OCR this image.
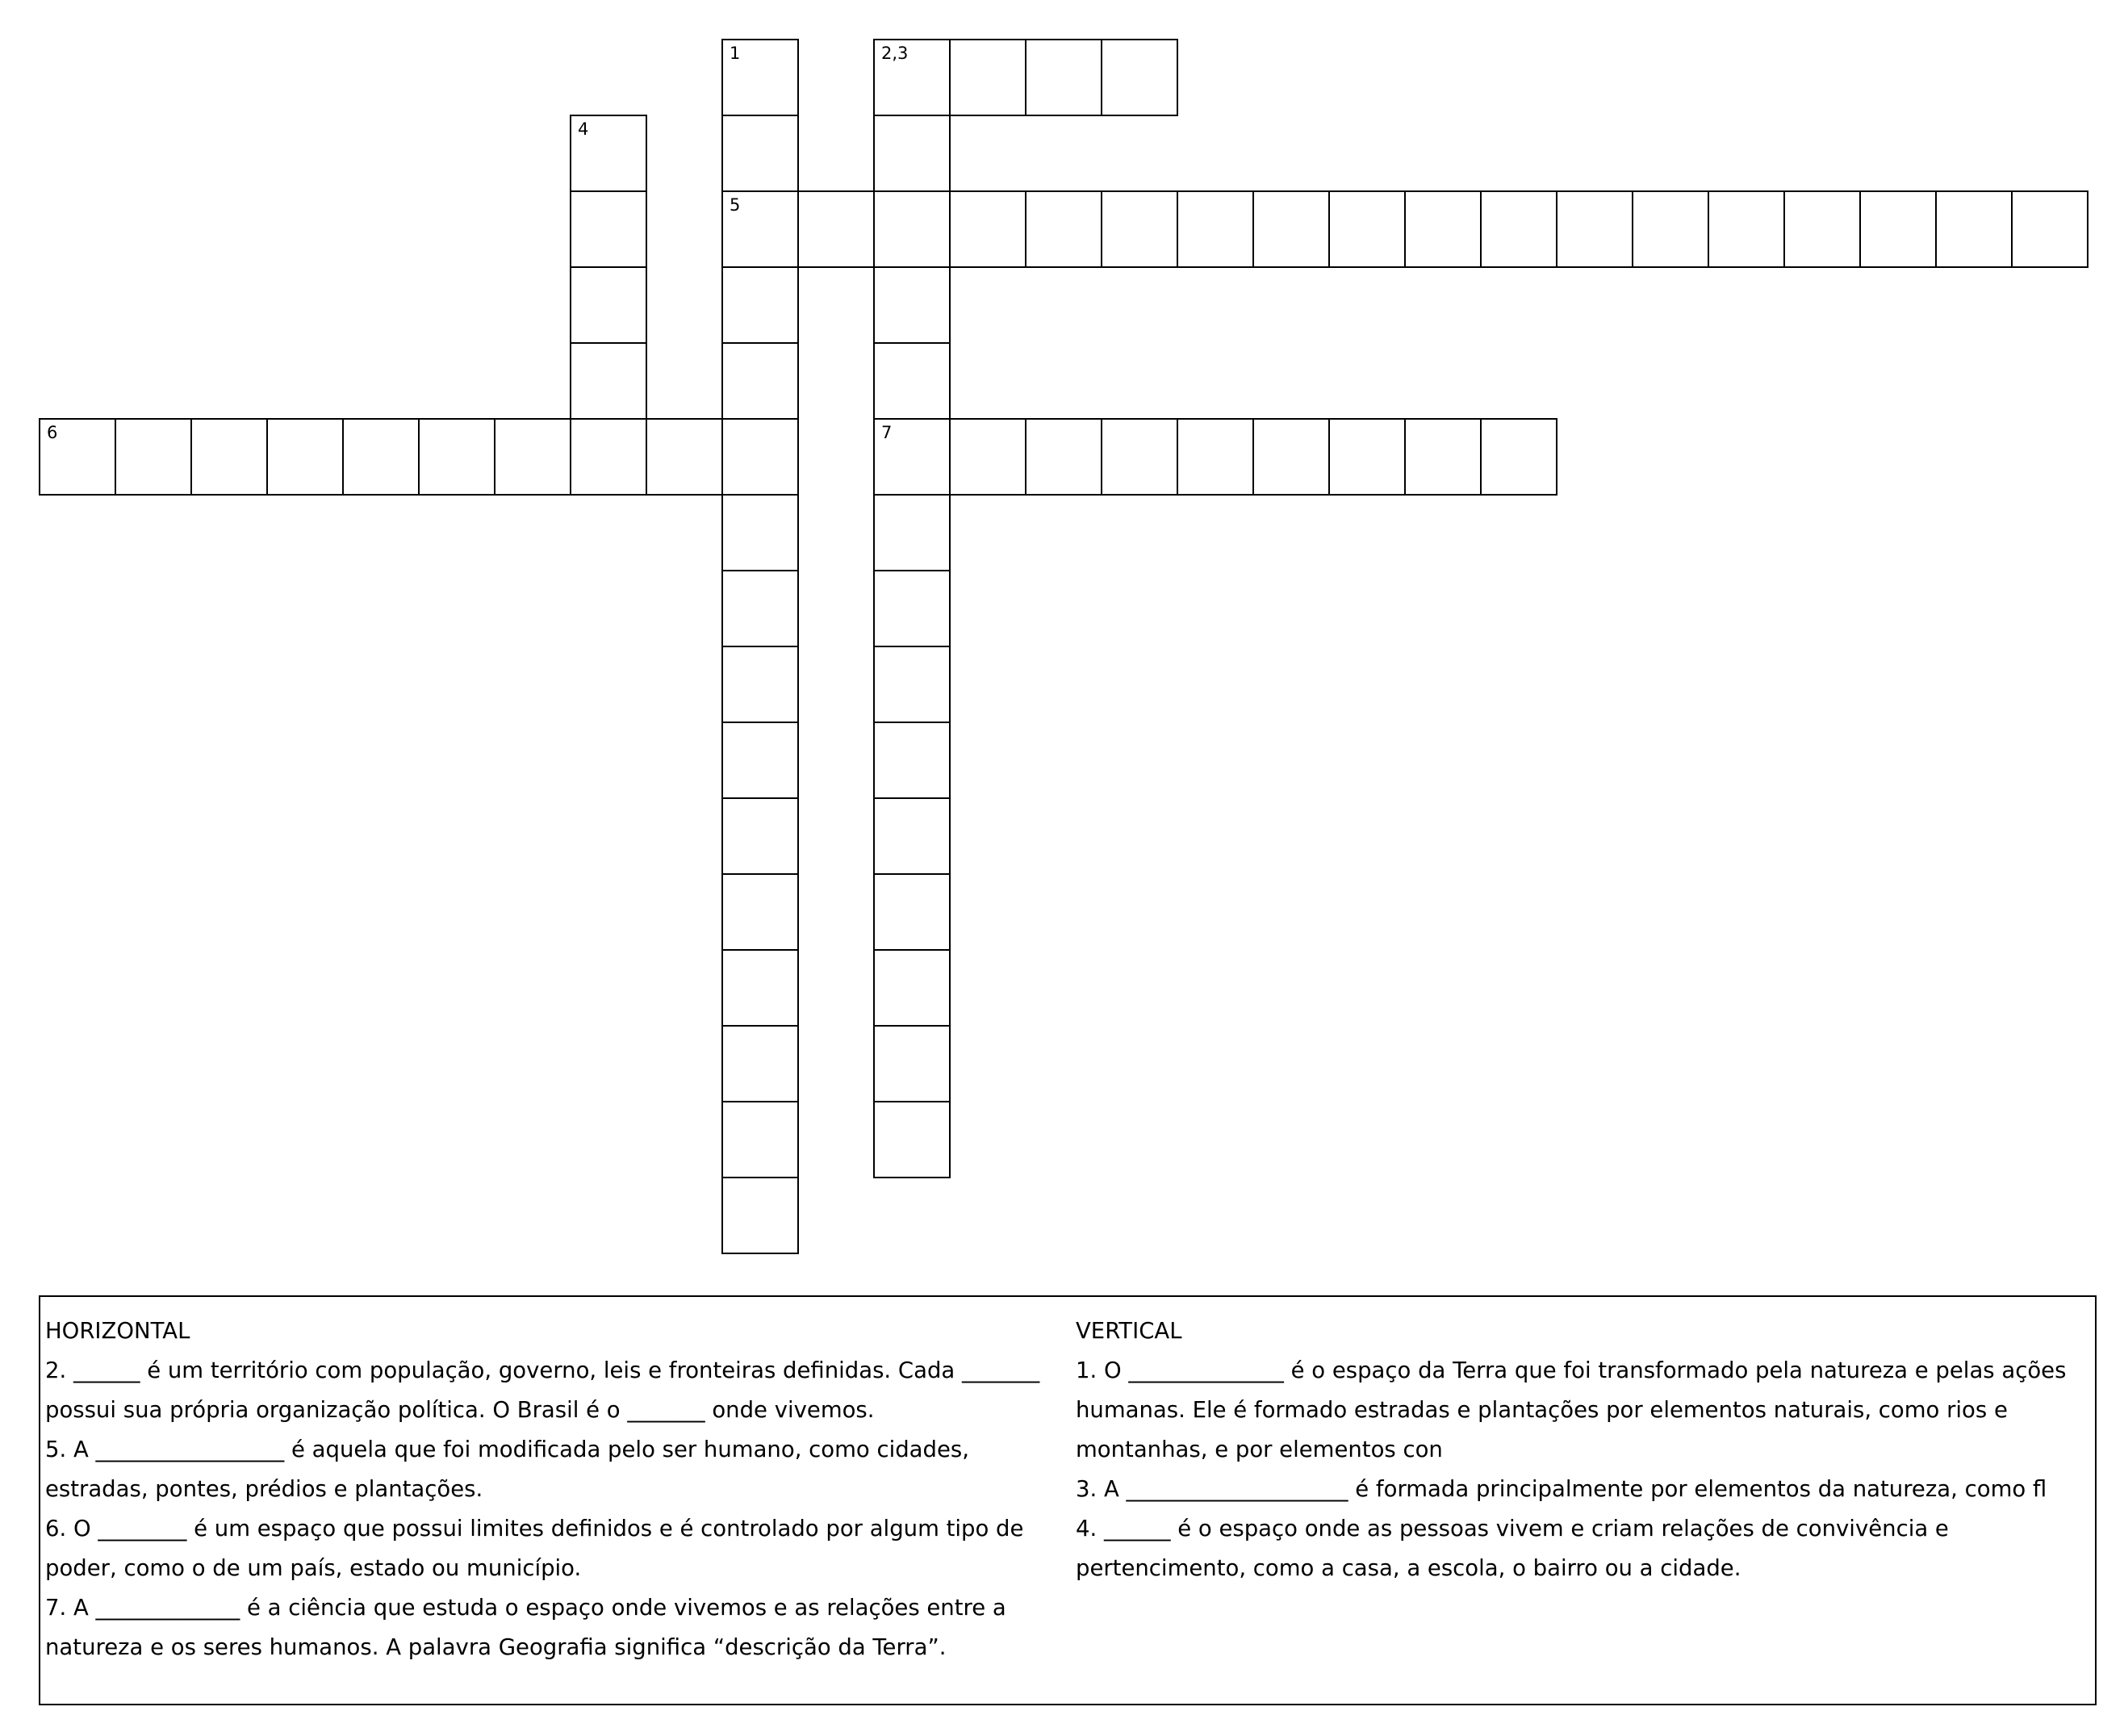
1
5
2,3
7
4
6
HORIZONTAL
2. ______ é um território com população, governo, leis e fronteiras definidas. Cada _______ possui sua própria organização política. O Brasil é o _______ onde vivemos.
5. A _________________ é aquela que foi modificada pelo ser humano, como cidades, estradas, pontes, prédios e plantações.
6. O ________ é um espaço que possui limites definidos e é controlado por algum tipo de poder, como o de um país, estado ou município.
7. A _____________ é a ciência que estuda o espaço onde vivemos e as relações entre a natureza e os seres humanos. A palavra Geografia significa “descrição da Terra”.
VERTICAL
1. O ______________ é o espaço da Terra que foi transformado pela natureza e pelas ações humanas. Ele é formado estradas e plantações por elementos naturais, como rios e montanhas, e por elementos con
3. A ____________________ é formada principalmente por elementos da natureza, como fl
4. ______ é o espaço onde as pessoas vivem e criam relações de convivência e pertencimento, como a casa, a escola, o bairro ou a cidade.
